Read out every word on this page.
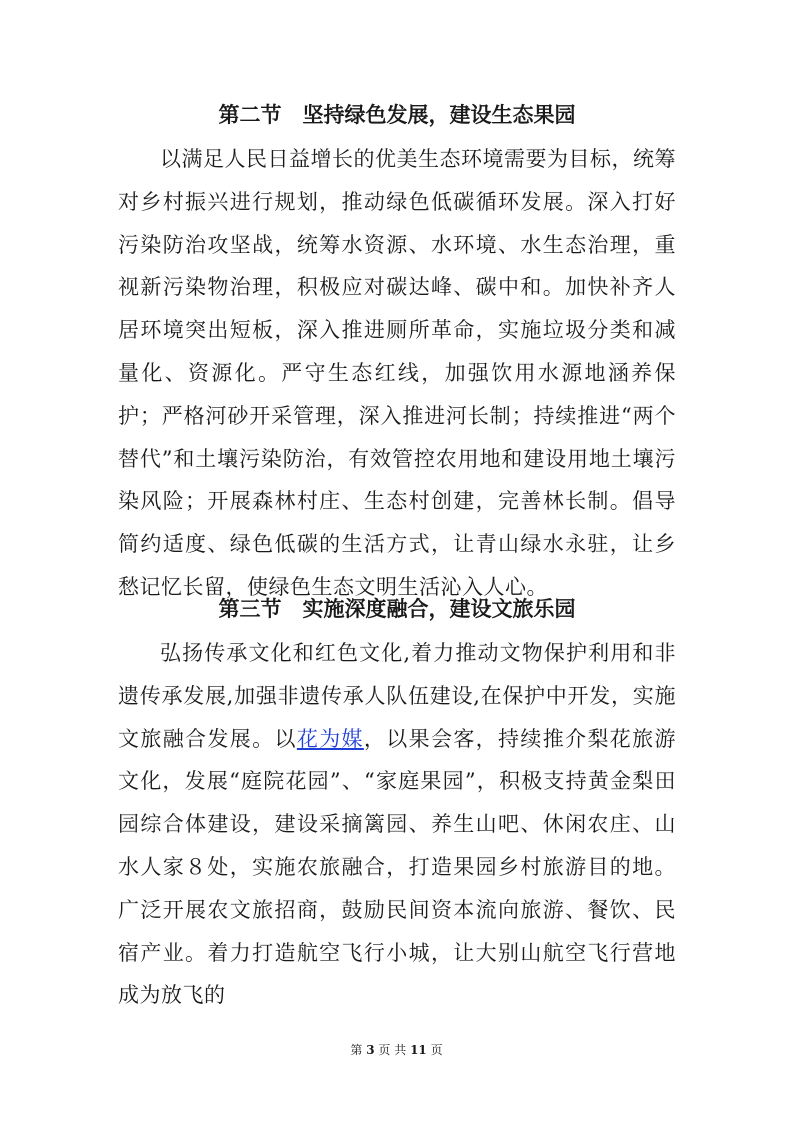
第二节　坚持绿色发展，建设生态果园

以满足人民日益增长的优美生态环境需要为目标，统筹对乡村振兴进行规划，推动绿色低碳循环发展。深入打好污染防治攻坚战，统筹水资源、水环境、水生态治理，重视新污染物治理，积极应对碳达峰、碳中和。加快补齐人居环境突出短板，深入推进厕所革命，实施垃圾分类和减量化、资源化。严守生态红线，加强饮用水源地涵养保护；严格河砂开采管理，深入推进河长制；持续推进“两个替代”和土壤污染防治，有效管控农用地和建设用地土壤污染风险；开展森林村庄、生态村创建，完善林长制。倡导简约适度、绿色低碳的生活方式，让青山绿水永驻，让乡愁记忆长留，使绿色生态文明生活沁入人心。

第三节　实施深度融合，建设文旅乐园

弘扬传承文化和红色文化,着力推动文物保护利用和非遗传承发展,加强非遗传承人队伍建设,在保护中开发，实施文旅融合发展。以花为媒，以果会客，持续推介梨花旅游文化，发展“庭院花园”、“家庭果园”，积极支持黄金梨田园综合体建设，建设采摘篱园、养生山吧、休闲农庄、山水人家８处，实施农旅融合，打造果园乡村旅游目的地。广泛开展农文旅招商，鼓励民间资本流向旅游、餐饮、民宿产业。着力打造航空飞行小城，让大别山航空飞行营地成为放飞的

第 3 页 共 11 页
